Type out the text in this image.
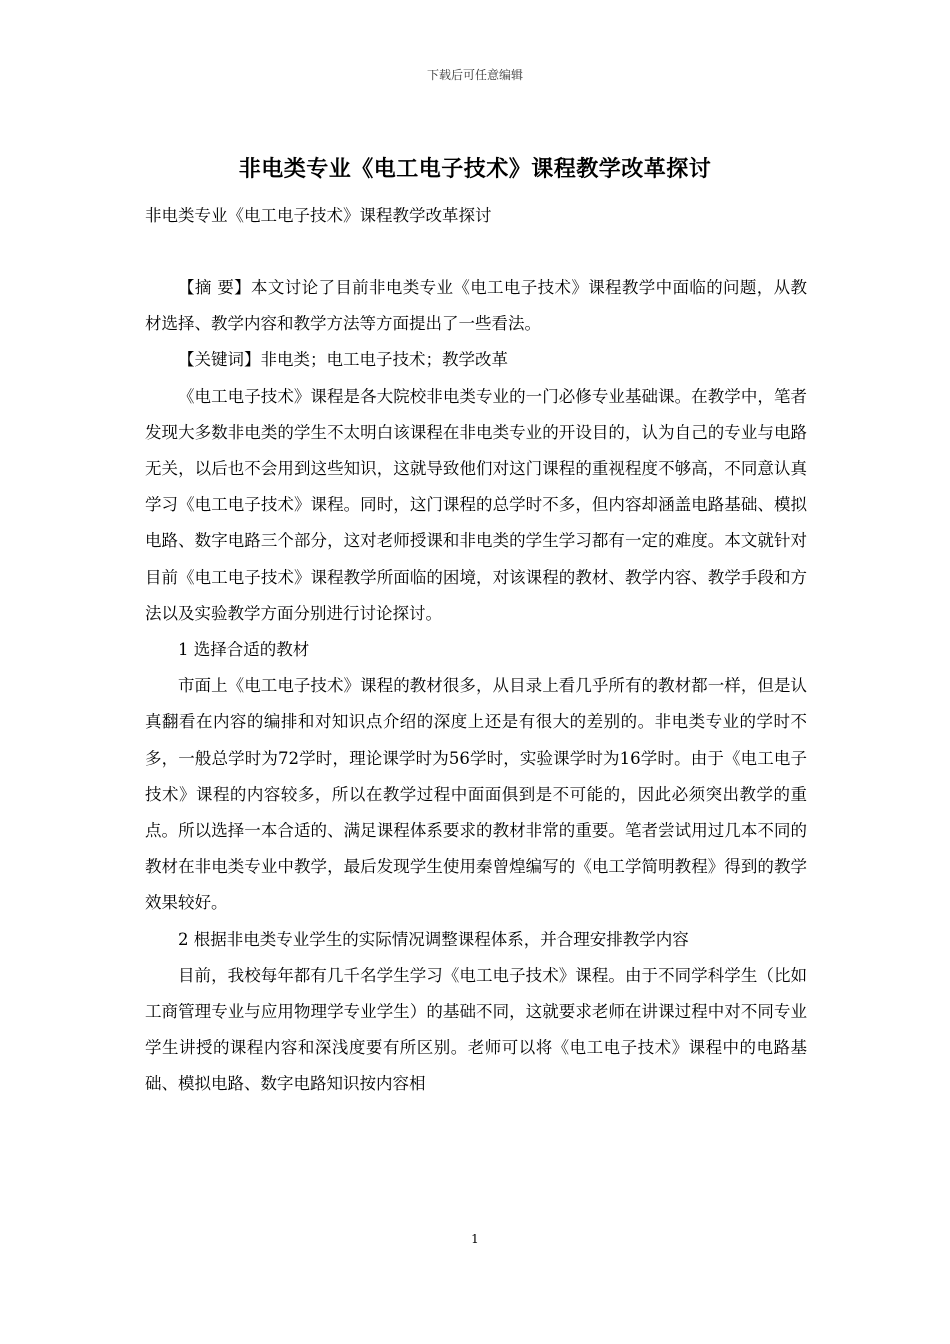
下载后可任意编辑
非电类专业《电工电子技术》课程教学改革探讨
非电类专业《电工电子技术》课程教学改革探讨

【摘 要】本文讨论了目前非电类专业《电工电子技术》课程教学中面临的问题，从教材选择、教学内容和教学方法等方面提出了一些看法。

【关键词】非电类；电工电子技术；教学改革

《电工电子技术》课程是各大院校非电类专业的一门必修专业基础课。在教学中，笔者发现大多数非电类的学生不太明白该课程在非电类专业的开设目的，认为自己的专业与电路无关，以后也不会用到这些知识，这就导致他们对这门课程的重视程度不够高，不同意认真学习《电工电子技术》课程。同时，这门课程的总学时不多，但内容却涵盖电路基础、模拟电路、数字电路三个部分，这对老师授课和非电类的学生学习都有一定的难度。本文就针对目前《电工电子技术》课程教学所面临的困境，对该课程的教材、教学内容、教学手段和方法以及实验教学方面分别进行讨论探讨。

1 选择合适的教材

市面上《电工电子技术》课程的教材很多，从目录上看几乎所有的教材都一样，但是认真翻看在内容的编排和对知识点介绍的深度上还是有很大的差别的。非电类专业的学时不多，一般总学时为72学时，理论课学时为56学时，实验课学时为16学时。由于《电工电子技术》课程的内容较多，所以在教学过程中面面俱到是不可能的，因此必须突出教学的重点。所以选择一本合适的、满足课程体系要求的教材非常的重要。笔者尝试用过几本不同的教材在非电类专业中教学，最后发现学生使用秦曾煌编写的《电工学简明教程》得到的教学效果较好。

2 根据非电类专业学生的实际情况调整课程体系，并合理安排教学内容

目前，我校每年都有几千名学生学习《电工电子技术》课程。由于不同学科学生（比如工商管理专业与应用物理学专业学生）的基础不同，这就要求老师在讲课过程中对不同专业学生讲授的课程内容和深浅度要有所区别。老师可以将《电工电子技术》课程中的电路基础、模拟电路、数字电路知识按内容相

1
